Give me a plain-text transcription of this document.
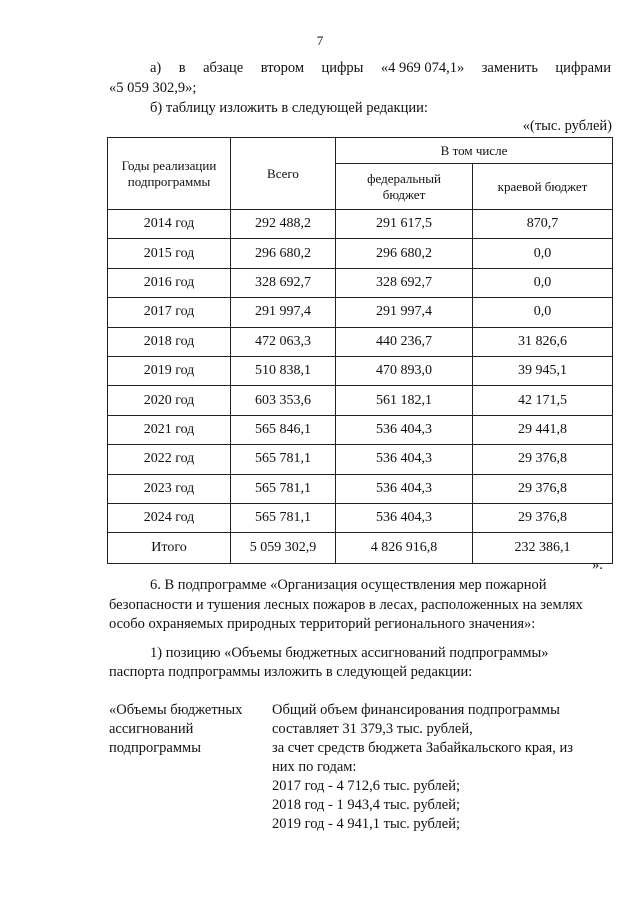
7
а) в абзаце втором цифры «4 969 074,1» заменить цифрами
«5 059 302,9»;
б) таблицу изложить в следующей редакции:
«(тыс. рублей)
Годы реализации подпрограммы	Всего	В том числе	
		федеральный бюджет	краевой бюджет
2014 год	292 488,2	291 617,5	870,7
2015 год	296 680,2	296 680,2	0,0
2016 год	328 692,7	328 692,7	0,0
2017 год	291 997,4	291 997,4	0,0
2018 год	472 063,3	440 236,7	31 826,6
2019 год	510 838,1	470 893,0	39 945,1
2020 год	603 353,6	561 182,1	42 171,5
2021 год	565 846,1	536 404,3	29 441,8
2022 год	565 781,1	536 404,3	29 376,8
2023 год	565 781,1	536 404,3	29 376,8
2024 год	565 781,1	536 404,3	29 376,8
Итого	5 059 302,9	4 826 916,8	232 386,1
».
6. В подпрограмме «Организация осуществления мер пожарной
безопасности и тушения лесных пожаров в лесах, расположенных на землях
особо охраняемых природных территорий регионального значения»:
1) позицию «Объемы бюджетных ассигнований подпрограммы»
паспорта подпрограммы изложить в следующей редакции:
«Объемы бюджетных
ассигнований
подпрограммы
Общий объем финансирования подпрограммы
составляет 31 379,3 тыс. рублей,
за счет средств бюджета Забайкальского края, из
них по годам:
2017 год - 4 712,6 тыс. рублей;
2018 год - 1 943,4 тыс. рублей;
2019 год - 4 941,1 тыс. рублей;
